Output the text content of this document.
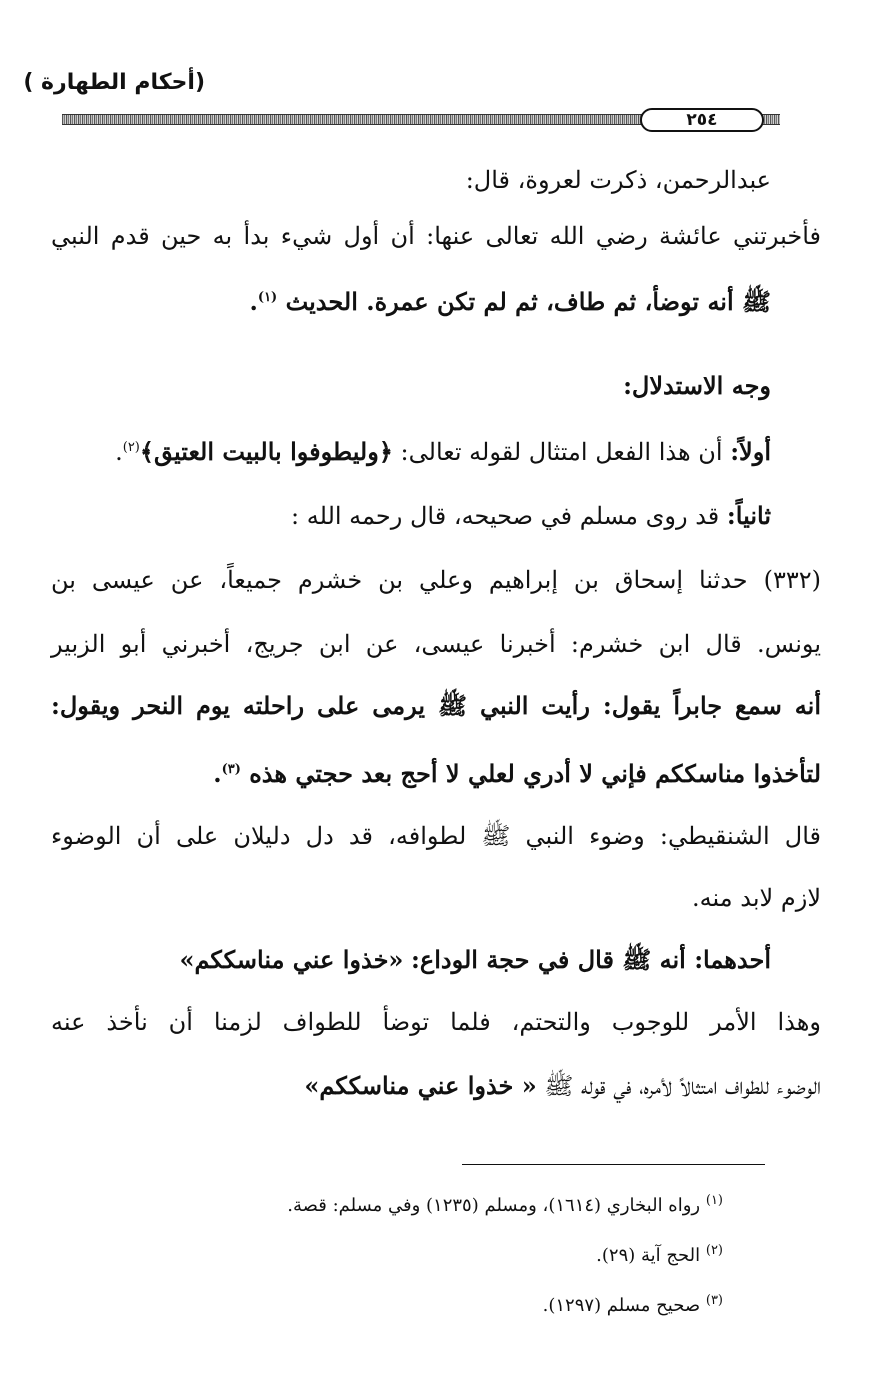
(أحكام الطهارة )
٢٥٤
عبدالرحمن، ذكرت لعروة، قال:
فأخبرتني عائشة رضي الله تعالى عنها: أن أول شيء بدأ به حين قدم النبي
ﷺ أنه توضأ، ثم طاف، ثم لم تكن عمرة. الحديث $^{(١)}$.
وجه الاستدلال:
أولاً: أن هذا الفعل امتثال لقوله تعالى: ﴿وليطوفوا بالبيت العتيق﴾$^{(٢)}$.
ثانياً: قد روى مسلم في صحيحه، قال رحمه الله :
(٣٣٢) حدثنا إسحاق بن إبراهيم وعلي بن خشرم جميعاً، عن عيسى بن
يونس. قال ابن خشرم: أخبرنا عيسى، عن ابن جريج، أخبرني أبو الزبير
أنه سمع جابراً يقول: رأيت النبي ﷺ يرمى على راحلته يوم النحر ويقول:
لتأخذوا مناسككم فإني لا أدري لعلي لا أحج بعد حجتي هذه $^{(٣)}$.
قال الشنقيطي: وضوء النبي ﷺ لطوافه، قد دل دليلان على أن الوضوء
لازم لابد منه.
أحدهما: أنه ﷺ قال في حجة الوداع: «خذوا عني مناسككم»
وهذا الأمر للوجوب والتحتم، فلما توضأ للطواف لزمنا أن نأخذ عنه
الوضوء للطواف امتثالاً لأمره، في قوله ﷺ « خذوا عني مناسككم»
$^{(١)}$ رواه البخاري (١٦١٤)، ومسلم (١٢٣٥) وفي مسلم: قصة.
$^{(٢)}$ الحج آية (٢٩).
$^{(٣)}$ صحيح مسلم (١٢٩٧).
